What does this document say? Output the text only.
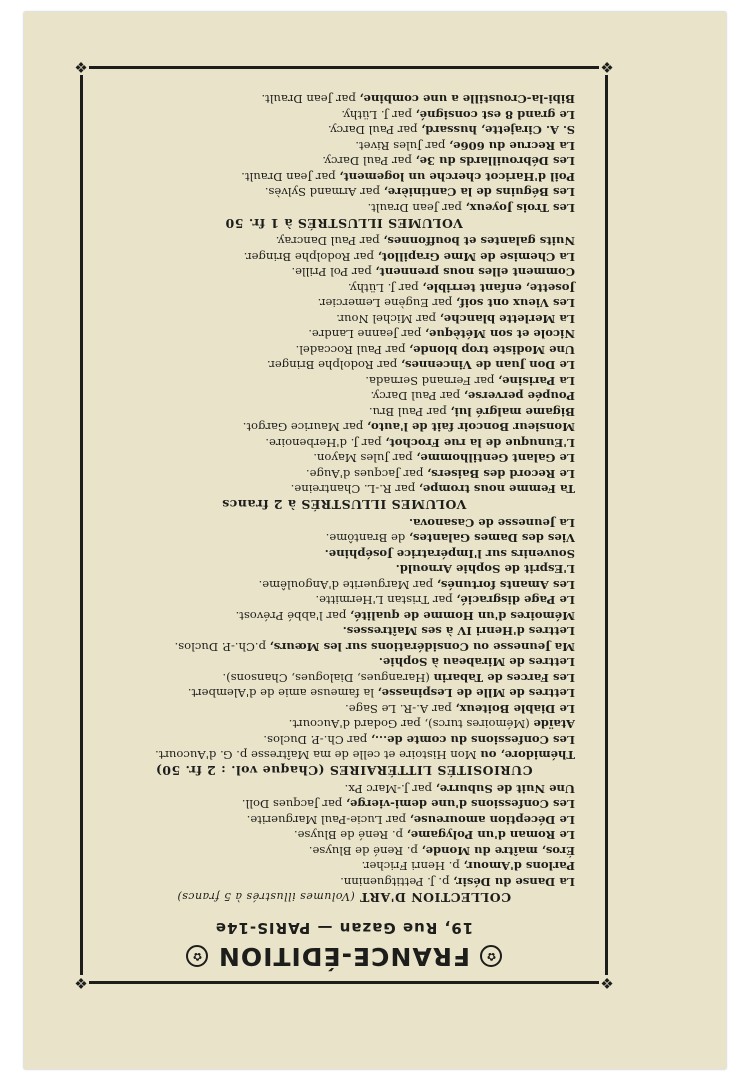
❖
❖
❖
❖
✿
FRANCE-ÉDITION
✿
19, Rue Gazan — PARIS-14e
COLLECTION D'ART (Volumes illustrés à 5 francs)
La Danse du Désir, p. J. Pettitgueninn.
Parlons d'Amour, p. Henri Fricher.
Éros, maître du Monde, p. René de Bluyse.
Le Roman d'un Polygame, p. René de Bluyse.
Le Déception amoureuse, par Lucie-Paul Marguerite.
Les Confessions d'une demi-vierge, par Jacques Doll.
Une Nuit de Suburre, par J.-Marc Px.
CURIOSITÉS LITTÉRAIRES (Chaque vol. : 2 fr. 50)
Thémidore, ou Mon Histoire et celle de ma Maîtresse p. G. d'Aucourt.
Les Confessions du comte de..., par Ch.-P. Duclos.
Ataïde (Mémoires turcs), par Godard d'Aucourt.
Le Diable Boiteux, par A.-R. Le Sage.
Lettres de Mlle de Lespinasse, la fameuse amie de d'Alembert.
Les Farces de Tabarin (Harangues, Dialogues, Chansons).
Lettres de Mirabeau à Sophie.
Ma Jeunesse ou Considérations sur les Mœurs, p.Ch.-P. Duclos.
Lettres d'Henri IV à ses Maîtresses.
Mémoires d'un Homme de qualité, par l'abbé Prévost.
Le Page disgracié, par Tristan L'Hermitte.
Les Amants fortunés, par Marguerite d'Angoulême.
L'Esprit de Sophie Arnould.
Souvenirs sur l'Impératrice Joséphine.
Vies des Dames Galantes, de Brantôme.
La Jeunesse de Casanova.
VOLUMES ILLUSTRÉS à 2 francs
Ta Femme nous trompe, par R.-L. Chantreine.
Le Record des Baisers, par Jacques d'Auge.
Le Galant Gentilhomme, par Jules Mayon.
L'Eunuque de la rue Frochot, par J. d'Herbenoire.
Monsieur Boncoir fait de l'auto, par Maurice Gargot.
Bigame malgré lui, par Paul Bru.
Poupée perverse, par Paul Darcy.
La Parisine, par Fernand Sernada.
Le Don Juan de Vincennes, par Rodolphe Bringer.
Une Modiste trop blonde, par Paul Roccadel.
Nicole et son Métèque, par Jeanne Landre.
La Merlette blanche, par Michel Nour.
Les Vieux ont soif, par Eugène Lemercier.
Josette, enfant terrible, par J. Lüthy.
Comment elles nous prennent, par Pol Prille.
La Chemise de Mme Grapillot, par Rodolphe Bringer.
Nuits galantes et bouffonnes, par Paul Dancray.
VOLUMES ILLUSTRÉS à 1 fr. 50
Les Trois Joyeux, par Jean Drault.
Les Béguins de la Cantinière, par Armand Sylvès.
Poil d'Haricot cherche un logement, par Jean Drault.
Les Débrouillards du 3e, par Paul Darcy.
La Recrue du 606e, par Jules Rivet.
S. A. Cirajette, hussard, par Paul Darcy.
Le grand 8 est consigné, par J. Lüthy.
Bibi-la-Croustille a une combine, par Jean Drault.
